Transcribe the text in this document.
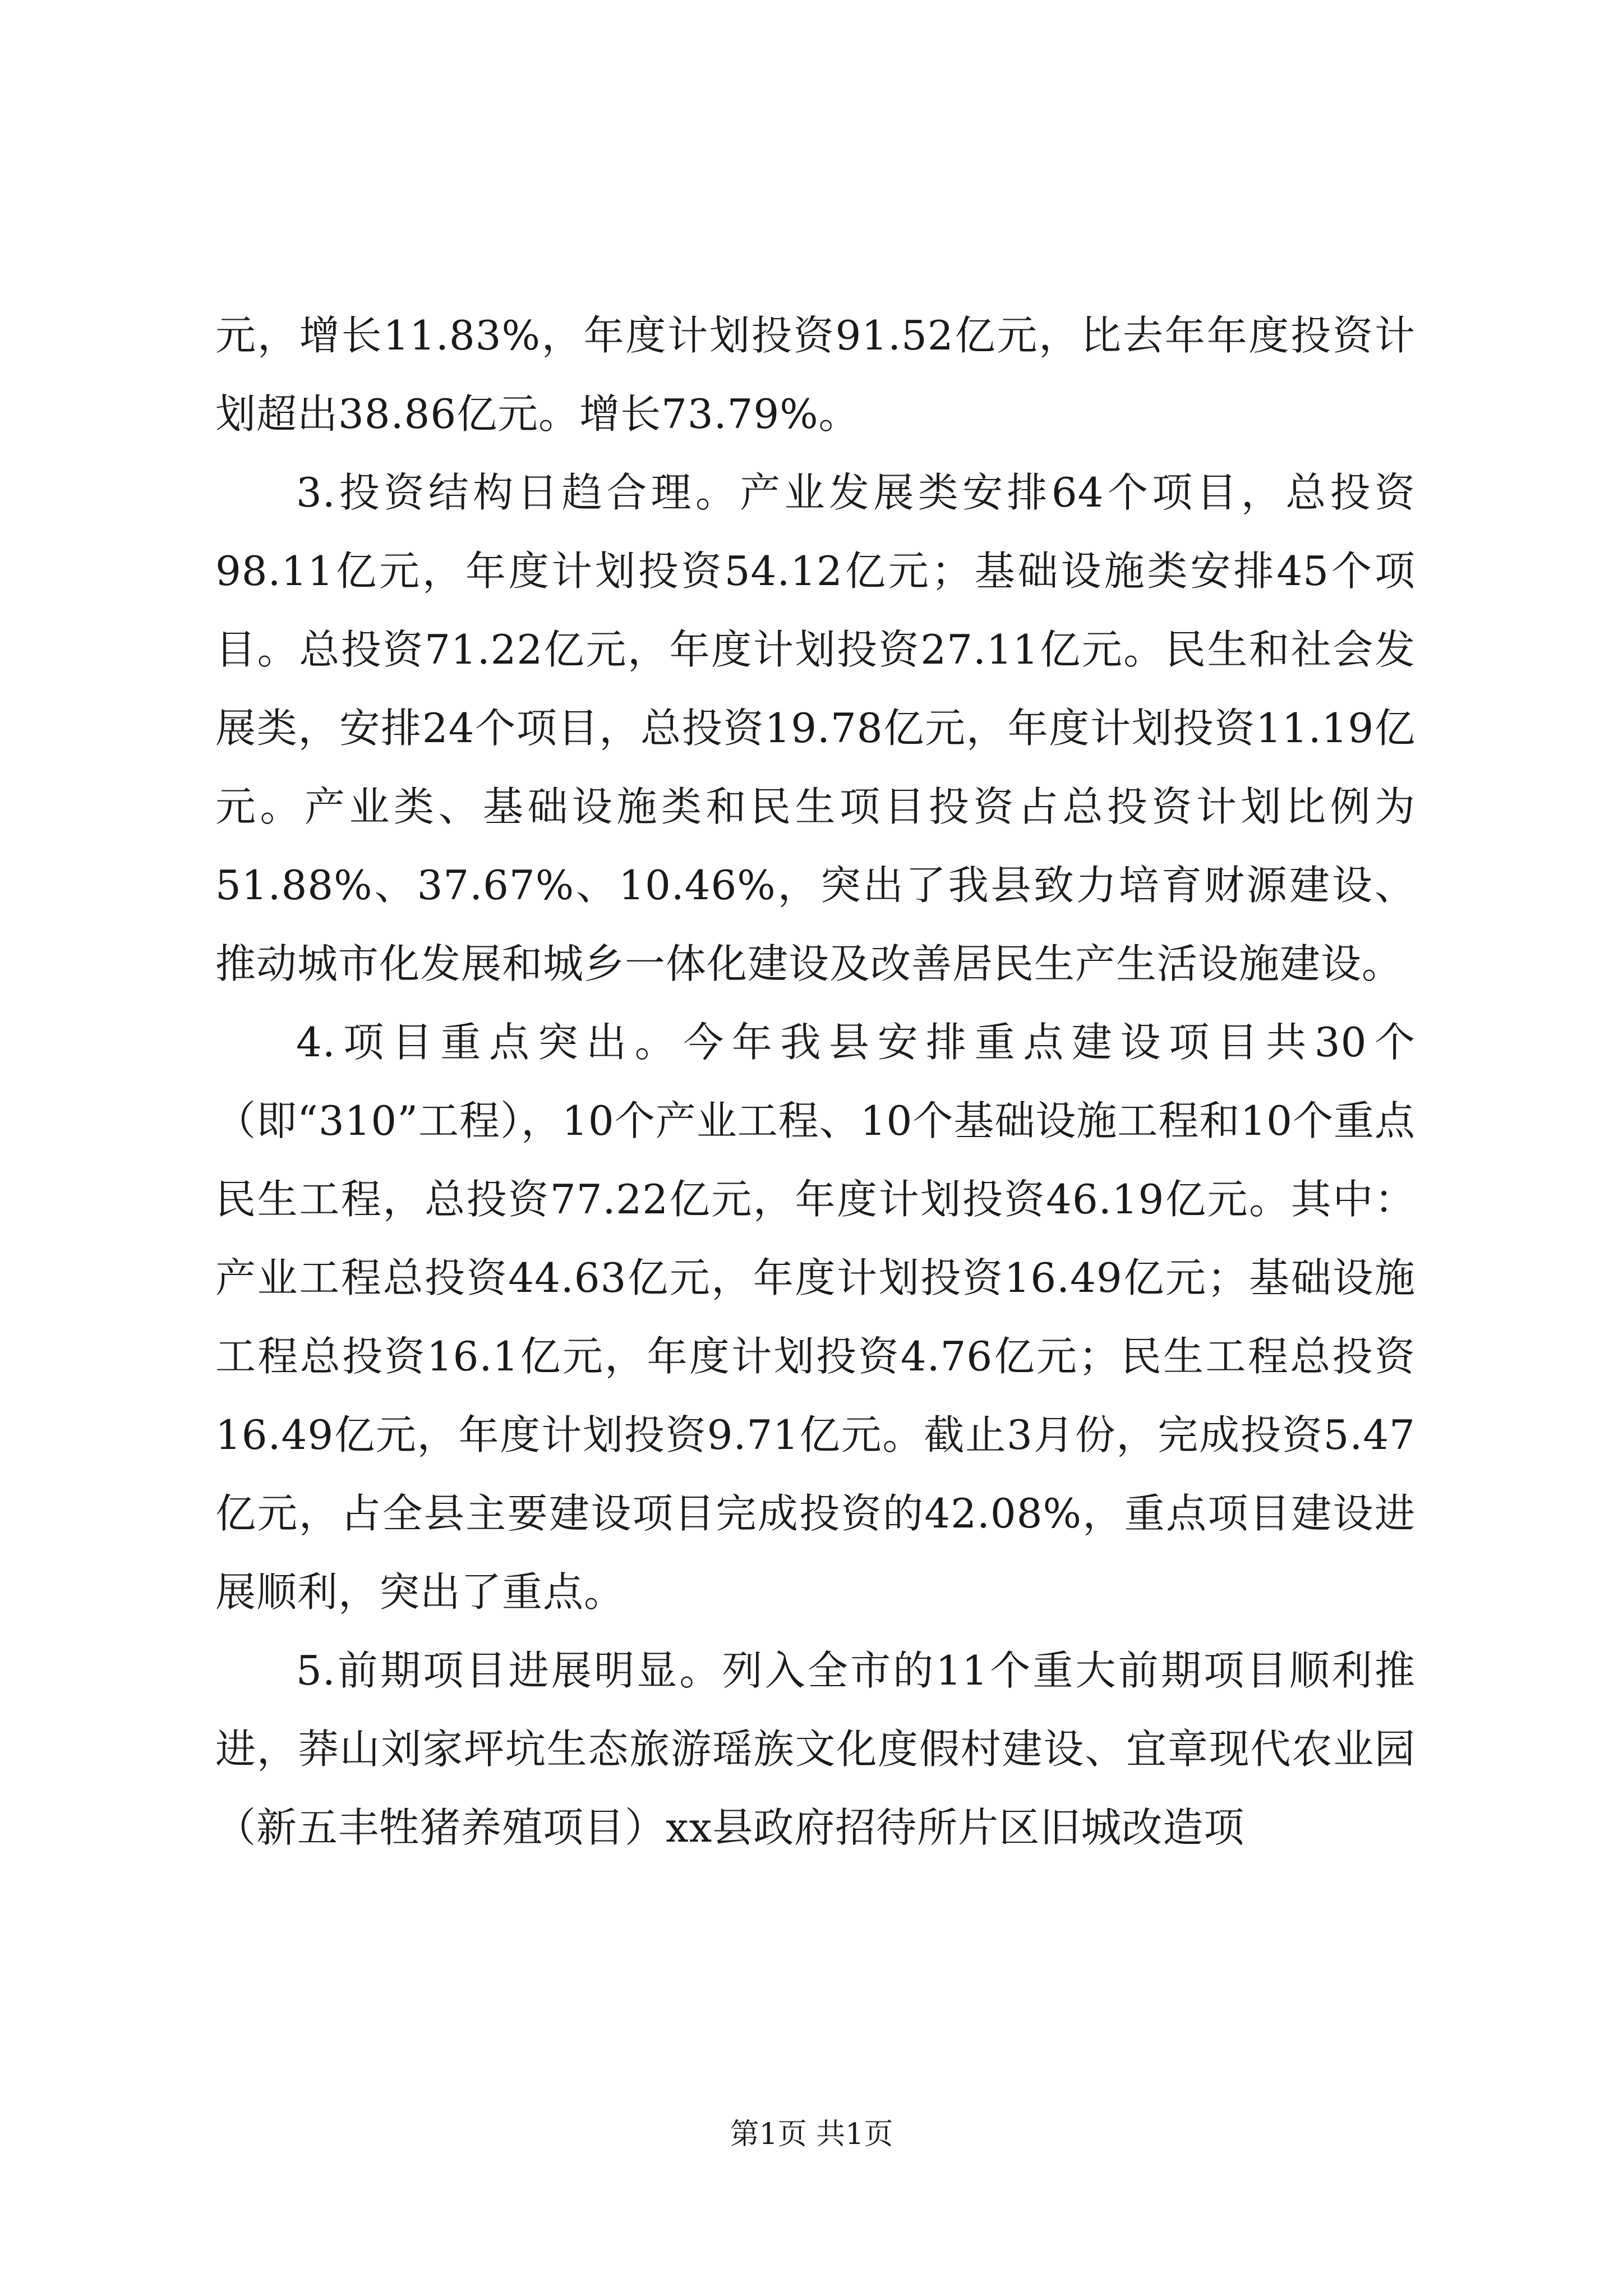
元，增长11.83%，年度计划投资91.52亿元，比去年年度投资计划超出38.86亿元。增长73.79%。

3.投资结构日趋合理。产业发展类安排64个项目，总投资98.11亿元，年度计划投资54.12亿元；基础设施类安排45个项目。总投资71.22亿元，年度计划投资27.11亿元。民生和社会发展类，安排24个项目，总投资19.78亿元，年度计划投资11.19亿元。产业类、基础设施类和民生项目投资占总投资计划比例为51.88%、37.67%、10.46%，突出了我县致力培育财源建设、推动城市化发展和城乡一体化建设及改善居民生产生活设施建设。

4.项目重点突出。今年我县安排重点建设项目共30个（即“310”工程），10个产业工程、10个基础设施工程和10个重点民生工程，总投资77.22亿元，年度计划投资46.19亿元。其中：产业工程总投资44.63亿元，年度计划投资16.49亿元；基础设施工程总投资16.1亿元，年度计划投资4.76亿元；民生工程总投资16.49亿元，年度计划投资9.71亿元。截止3月份，完成投资5.47亿元，占全县主要建设项目完成投资的42.08%，重点项目建设进展顺利，突出了重点。

5.前期项目进展明显。列入全市的11个重大前期项目顺利推进，莽山刘家坪坑生态旅游瑶族文化度假村建设、宜章现代农业园（新五丰牲猪养殖项目）xx县政府招待所片区旧城改造项

第1页 共1页
